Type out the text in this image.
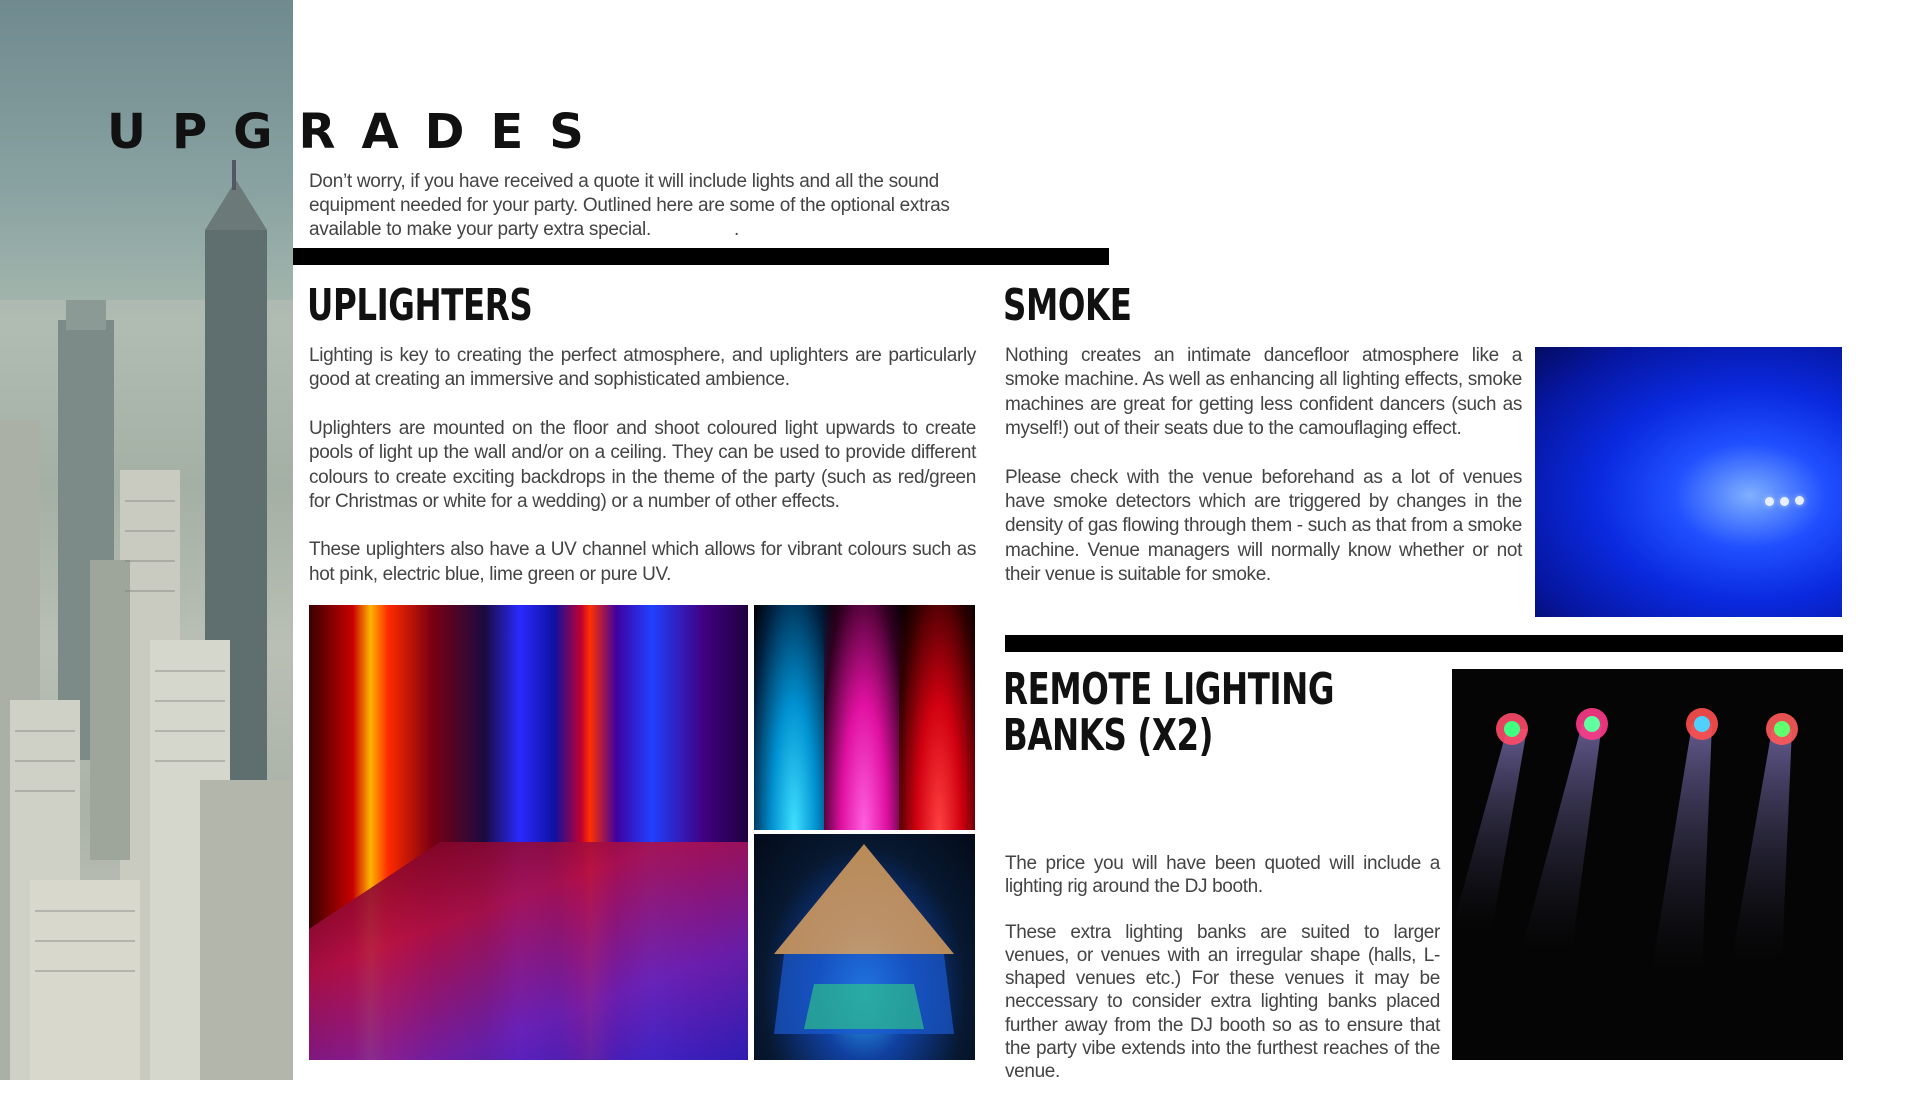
UPGRADES
Don’t worry, if you have received a quote it will include lights and all the sound equipment needed for your party. Outlined here are some of the optional extras available to make your party extra special.	.
UPLIGHTERS

Lighting is key to creating the perfect atmosphere, and uplighters are particularly good at creating an immersive and sophisticated ambience.

Uplighters are mounted on the floor and shoot coloured light upwards to create pools of light up the wall and/or on a ceiling. They can be used to provide different colours to create exciting backdrops in the theme of the party (such as red/green for Christmas or white for a wedding) or a number of other effects.

These uplighters also have a UV channel which allows for vibrant colours such as hot pink, electric blue, lime green or pure UV.

SMOKE

Nothing creates an intimate dancefloor atmosphere like a smoke machine. As well as enhancing all lighting effects, smoke machines are great for getting less confident dancers (such as myself!) out of their seats due to the camouflaging effect.

Please check with the venue beforehand as a lot of venues have smoke detectors which are triggered by changes in the density of gas flowing through them - such as that from a smoke machine. Venue managers will normally know whether or not their venue is suitable for smoke.

REMOTE LIGHTING
BANKS (X2)

The price you will have been quoted will include a lighting rig around the DJ booth.

These extra lighting banks are suited to larger venues, or venues with an irregular shape (halls, L-shaped venues etc.) For these venues it may be neccessary to consider extra lighting banks placed further away from the DJ booth so as to ensure that the party vibe extends into the furthest reaches of the venue.
